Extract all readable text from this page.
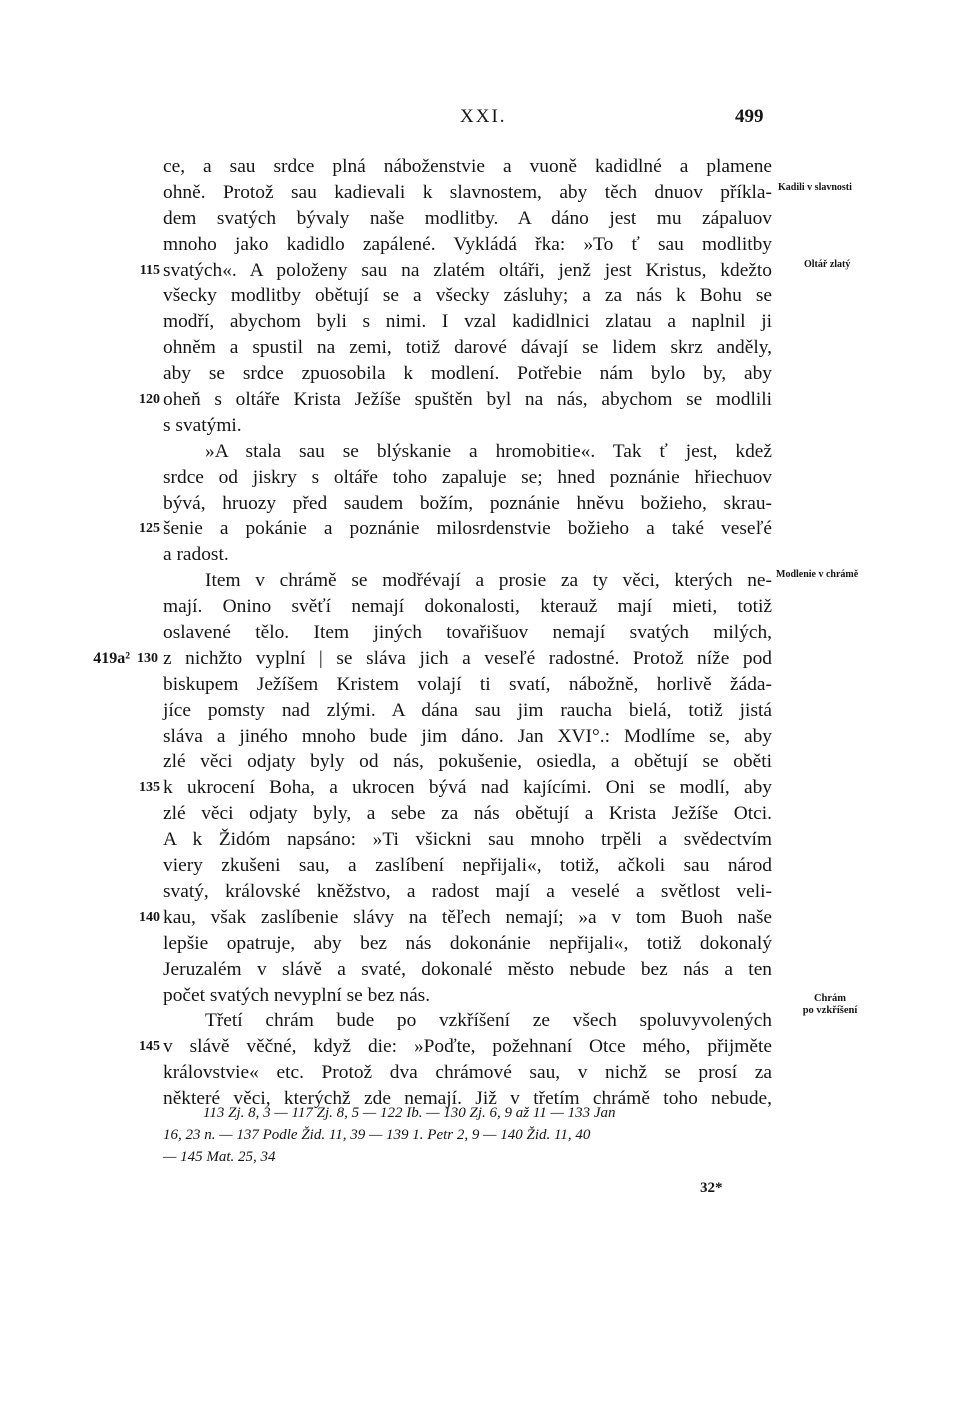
XXI.	499
ce, a sau srdce plná náboženstvie a vuoně kadidlné a plamene
ohně. Protož sau kadievali k slavnostem, aby těch dnuov příkla-
dem svatých bývaly naše modlitby. A dáno jest mu zápaluov
mnoho jako kadidlo zapálené. Vykládá řka: »To ť sau modlitby
115 svatých«. A položeny sau na zlatém oltáři, jenž jest Kristus, kdežto
všecky modlitby obětují se a všecky zásluhy; a za nás k Bohu se
modří, abychom byli s nimi. I vzal kadidlnici zlatau a naplnil ji
ohněm a spustil na zemi, totiž darové dávají se lidem skrz anděly,
aby se srdce zpuosobila k modlení. Potřebie nám bylo by, aby
120 oheň s oltáře Krista Ježíše spuštěn byl na nás, abychom se modlili
s svatými.
»A stala sau se blýskanie a hromobitie«. Tak ť jest, kdež
srdce od jiskry s oltáře toho zapaluje se; hned poznánie hřiechuov
bývá, hruozy před saudem božím, poznánie hněvu božieho, skrau-
125 šenie a pokánie a poznánie milosrdenstvie božieho a také veseľé
a radost.
Item v chrámě se modřévají a prosie za ty věci, kterých ne-
mají. Onino svěťí nemají dokonalosti, kterauž mají mieti, totiž
oslavené tělo. Item jiných tovařišuov nemají svatých milých,
419a² 130 z nichžto vyplní | se sláva jich a veseľé radostné. Protož níže pod
biskupem Ježíšem Kristem volají ti svatí, nábožně, horlivě žáda-
jíce pomsty nad zlými. A dána sau jim raucha bielá, totiž jistá
sláva a jiného mnoho bude jim dáno. Jan XVI°.: Modlíme se, aby
zlé věci odjaty byly od nás, pokušenie, osiedla, a obětují se oběti
135 k ukrocení Boha, a ukrocen bývá nad kajícími. Oni se modlí, aby
zlé věci odjaty byly, a sebe za nás obětují a Krista Ježíše Otci.
A k Židóm napsáno: »Ti všickni sau mnoho trpěli a svědectvím
viery zkušeni sau, a zaslíbení nepřijali«, totiž, ačkoli sau národ
svatý, královské kněžstvo, a radost mají a veselé a světlost veli-
140 kau, však zaslíbenie slávy na těľech nemají; »a v tom Buoh naše
lepšie opatruje, aby bez nás dokonánie nepřijali«, totiž dokonalý
Jeruzalém v slávě a svaté, dokonalé město nebude bez nás a ten
počet svatých nevyplní se bez nás.
Třetí chrám bude po vzkříšení ze všech spoluvyvolených
145 v slávě věčné, když die: »Poďte, požehnaní Otce mého, přijměte
královstvie« etc. Protož dva chrámové sau, v nichž se prosí za
některé věci, kterýchž zde nemají. Již v třetím chrámě toho nebude,
Kadili v slavnosti
Oltář zlatý
Modlenie v chrámě
Chrám
po vzkříšení
113 Zj. 8, 3 — 117 Zj. 8, 5 — 122 Ib. — 130 Zj. 6, 9 až 11 — 133 Jan
16, 23 n. — 137 Podle Žid. 11, 39 — 139 1. Petr 2, 9 — 140 Žid. 11, 40
— 145 Mat. 25, 34
32*
